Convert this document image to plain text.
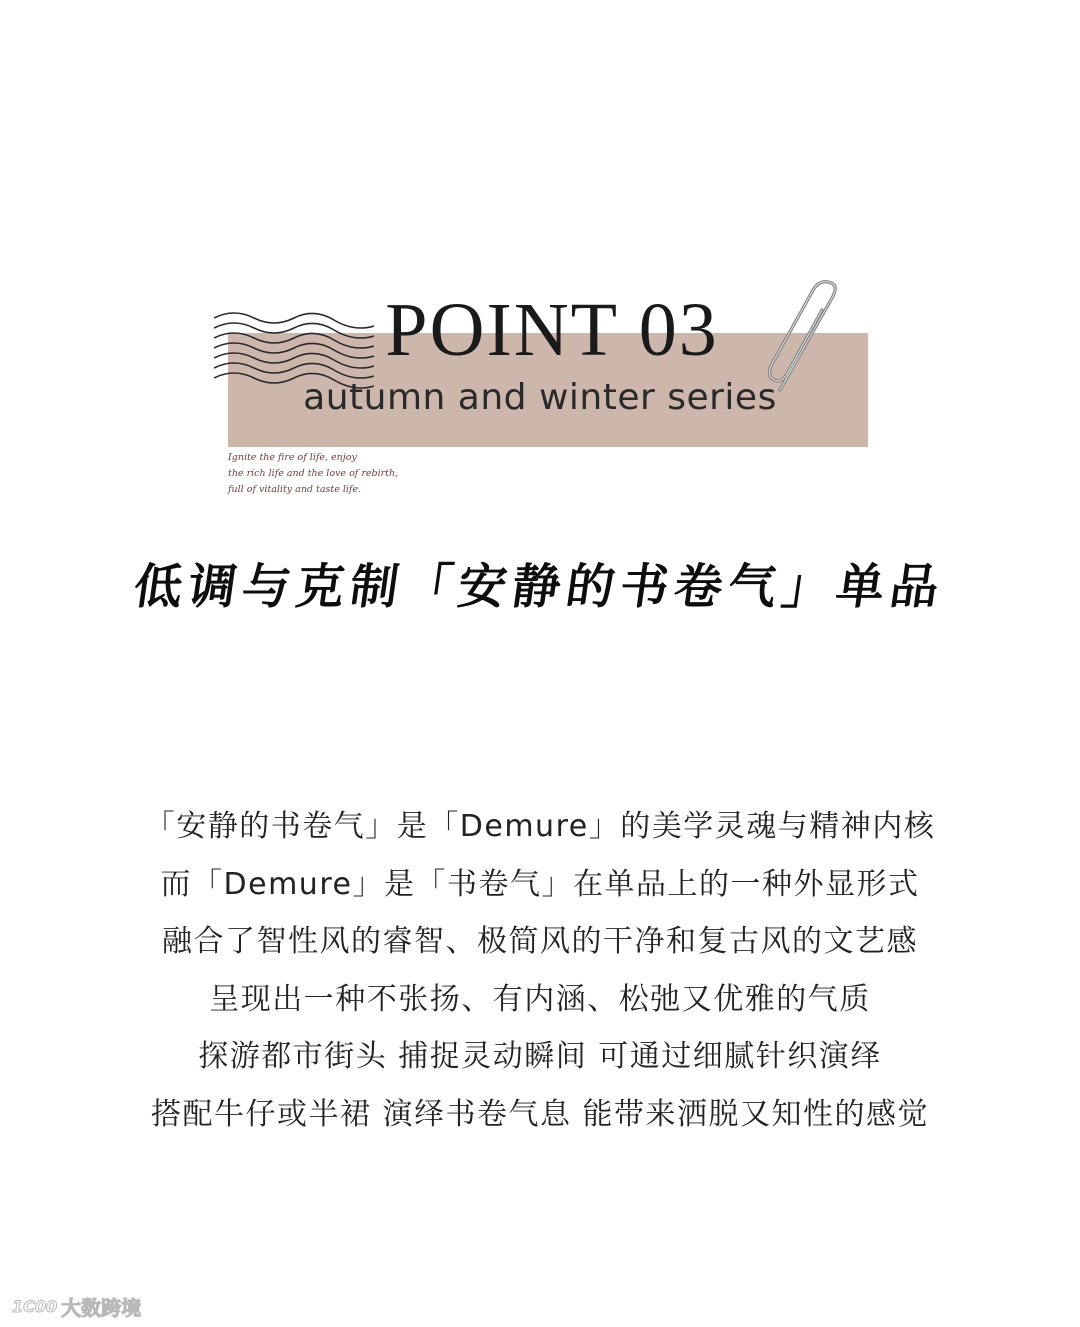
POINT 03
autumn and winter series
Ignite the fire of life, enjoy
the rich life and the love of rebirth,
full of vitality and taste life.
低调与克制「安静的书卷气」单品
「安静的书卷气」是「Demure」的美学灵魂与精神内核
而「Demure」是「书卷气」在单品上的一种外显形式
融合了智性风的睿智、极简风的干净和复古风的文艺感
呈现出一种不张扬、有内涵、松弛又优雅的气质
探游都市街头 捕捉灵动瞬间 可通过细腻针织演绎
搭配牛仔或半裙 演绎书卷气息 能带来洒脱又知性的感觉
1C00 大数跨境
